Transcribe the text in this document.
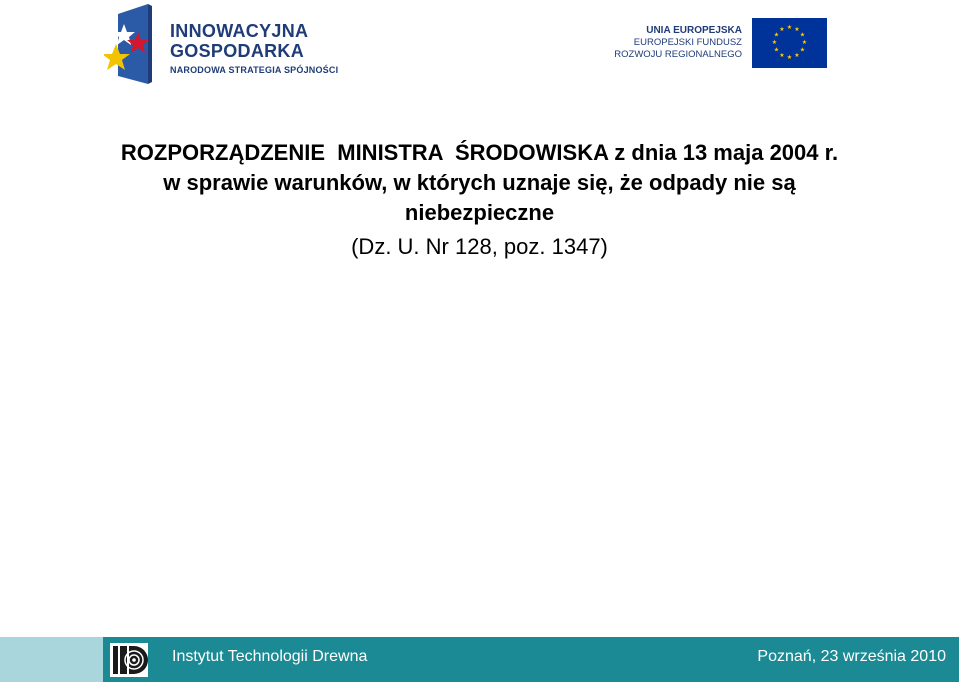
INNOWACYJNA
GOSPODARKA
NARODOWA STRATEGIA SPÓJNOŚCI
UNIA EUROPEJSKA
EUROPEJSKI FUNDUSZ
ROZWOJU REGIONALNEGO
★ ★
★
★
★
★
★
★
★
★
★
★
ROZPORZĄDZENIE  MINISTRA  ŚRODOWISKA z dnia 13 maja 2004 r.
w sprawie warunków, w których uznaje się, że odpady nie są niebezpieczne
(Dz. U. Nr 128, poz. 1347)
Instytut Technologii Drewna	Poznań, 23 września 2010
